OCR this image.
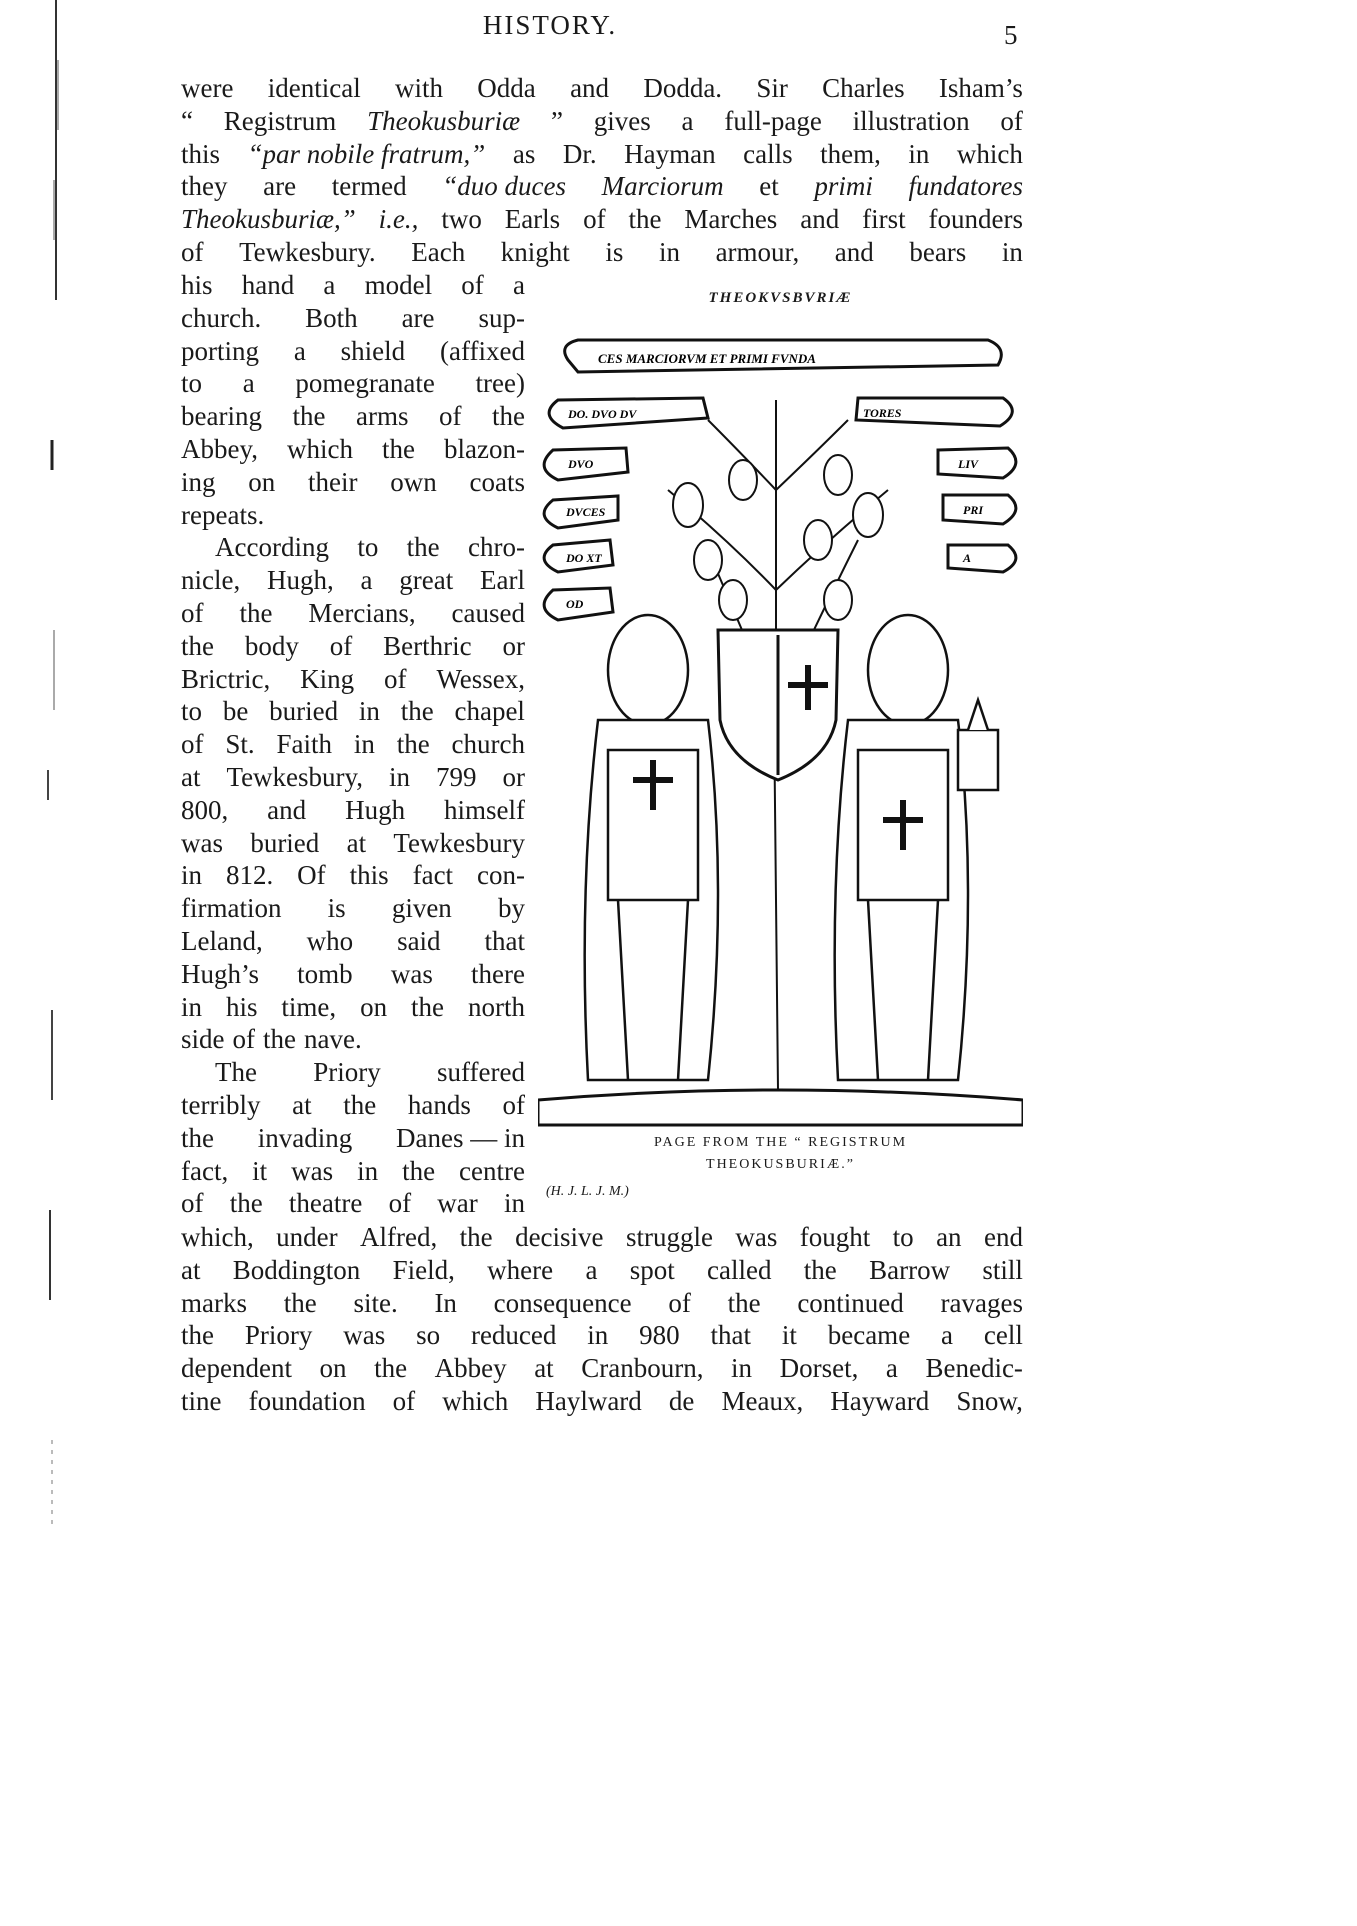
HISTORY.	5
were identical with Odda and Dodda. Sir Charles Isham’s
“ Registrum Theokusburiæ ” gives a full-page illustration of
this “par nobile fratrum,” as Dr. Hayman calls them, in which
they are termed “duo duces Marciorum et primi fundatores
Theokusburiæ,” i.e., two Earls of the Marches and first founders
of Tewkesbury. Each knight is in armour, and bears in
his hand a model of a
church. Both are sup-
porting a shield (affixed
to a pomegranate tree)
bearing the arms of the
Abbey, which the blazon-
ing on their own coats
repeats.
According to the chro-
nicle, Hugh, a great Earl
of the Mercians, caused
the body of Berthric or
Brictric, King of Wessex,
to be buried in the chapel
of St. Faith in the church
at Tewkesbury, in 799 or
800, and Hugh himself
was buried at Tewkesbury
in 812. Of this fact con-
firmation is given by
Leland, who said that
Hugh’s tomb was there
in his time, on the north
side of the nave.
The Priory suffered
terribly at the hands of
the invading Danes — in
fact, it was in the centre
of the theatre of war in
which, under Alfred, the decisive struggle was fought to an end
at Boddington Field, where a spot called the Barrow still
marks the site. In consequence of the continued ravages
the Priory was so reduced in 980 that it became a cell
dependent on the Abbey at Cranbourn, in Dorset, a Benedic-
tine foundation of which Haylward de Meaux, Hayward Snow,
THEOKVSBVRIÆ
CES MARCIORVM ET PRIMI FVNDA
DO. DVO DV
DVO
DVCES
DO XT
OD
TORES
LIV
PRI
A
PAGE FROM THE “ REGISTRUM
THEOKUSBURIÆ.”
(H. J. L. J. M.)
